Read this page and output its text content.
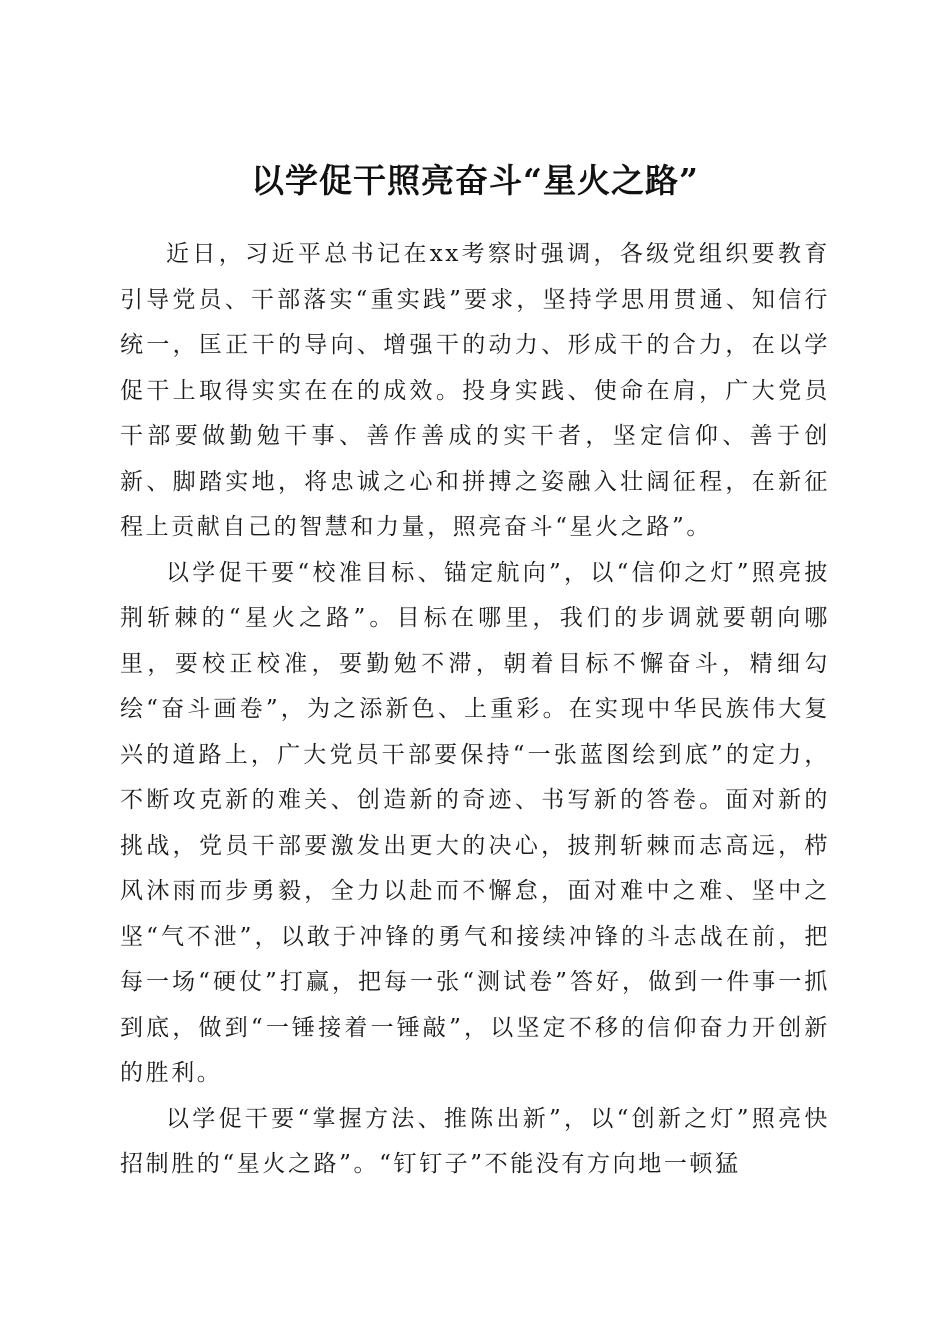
以学促干照亮奋斗“星火之路”

近日，习近平总书记在xx考察时强调，各级党组织要教育引导党员、干部落实“重实践”要求，坚持学思用贯通、知信行统一，匡正干的导向、增强干的动力、形成干的合力，在以学促干上取得实实在在的成效。投身实践、使命在肩，广大党员干部要做勤勉干事、善作善成的实干者，坚定信仰、善于创新、脚踏实地，将忠诚之心和拼搏之姿融入壮阔征程，在新征程上贡献自己的智慧和力量，照亮奋斗“星火之路”。

以学促干要“校准目标、锚定航向”，以“信仰之灯”照亮披荆斩棘的“星火之路”。目标在哪里，我们的步调就要朝向哪里，要校正校准，要勤勉不滞，朝着目标不懈奋斗，精细勾绘“奋斗画卷”，为之添新色、上重彩。在实现中华民族伟大复兴的道路上，广大党员干部要保持“一张蓝图绘到底”的定力，不断攻克新的难关、创造新的奇迹、书写新的答卷。面对新的挑战，党员干部要激发出更大的决心，披荆斩棘而志高远，栉风沐雨而步勇毅，全力以赴而不懈怠，面对难中之难、坚中之坚“气不泄”，以敢于冲锋的勇气和接续冲锋的斗志战在前，把每一场“硬仗”打赢，把每一张“测试卷”答好，做到一件事一抓到底，做到“一锤接着一锤敲”，以坚定不移的信仰奋力开创新的胜利。

以学促干要“掌握方法、推陈出新”，以“创新之灯”照亮快招制胜的“星火之路”。“钉钉子”不能没有方向地一顿猛
